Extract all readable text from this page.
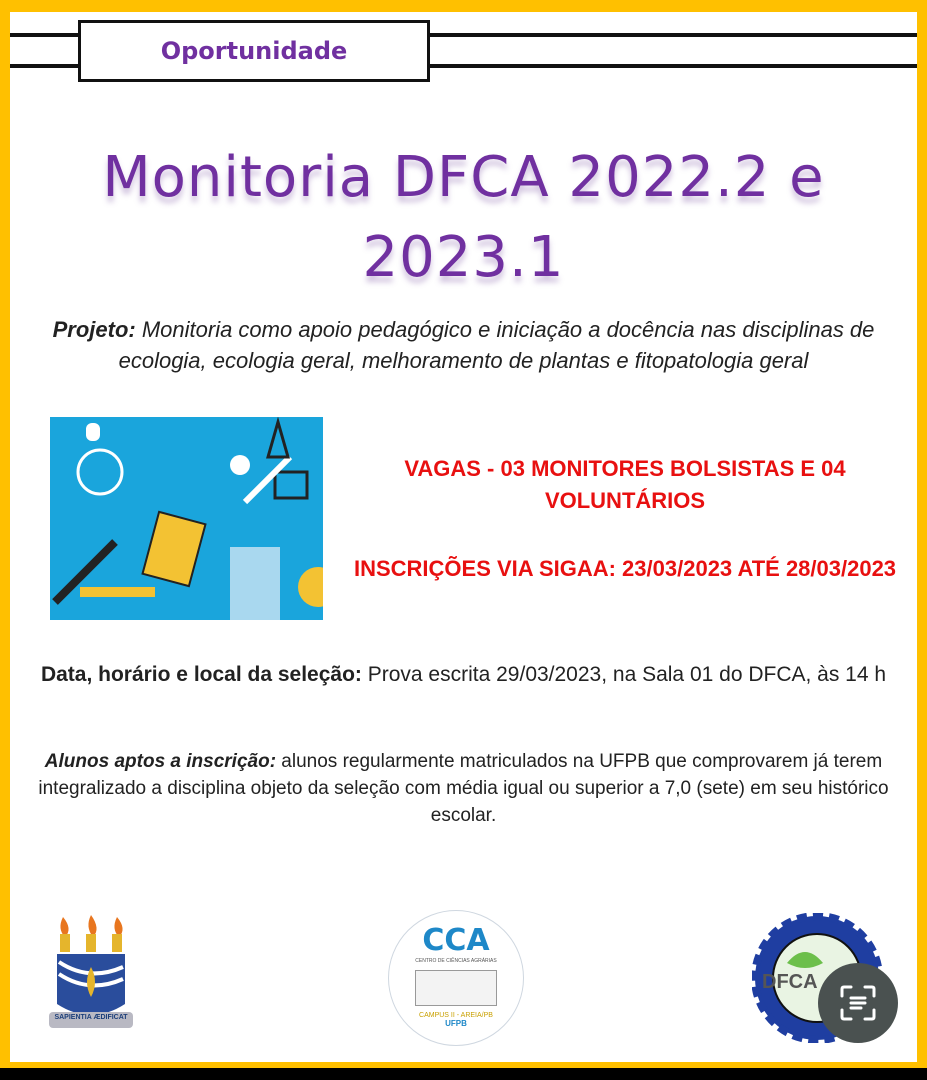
Oportunidade
Monitoria DFCA 2022.2 e
2023.1
Projeto: Monitoria como apoio pedagógico e iniciação a docência nas disciplinas de ecologia, ecologia geral, melhoramento de plantas e fitopatologia geral
VAGAS - 03 MONITORES BOLSISTAS E 04 VOLUNTÁRIOS
INSCRIÇÕES VIA SIGAA: 23/03/2023 ATÉ 28/03/2023
Data, horário e local da seleção: Prova escrita 29/03/2023, na Sala 01 do DFCA, às 14 h
Alunos aptos a inscrição: alunos regularmente matriculados na UFPB que comprovarem já terem integralizado a disciplina objeto da seleção com média igual ou superior a 7,0 (sete) em seu histórico escolar.
SAPIENTIA ÆDIFICAT
CCA
CENTRO DE CIÊNCIAS AGRÁRIAS
CAMPUS II - AREIA/PB
UFPB
DFCA
